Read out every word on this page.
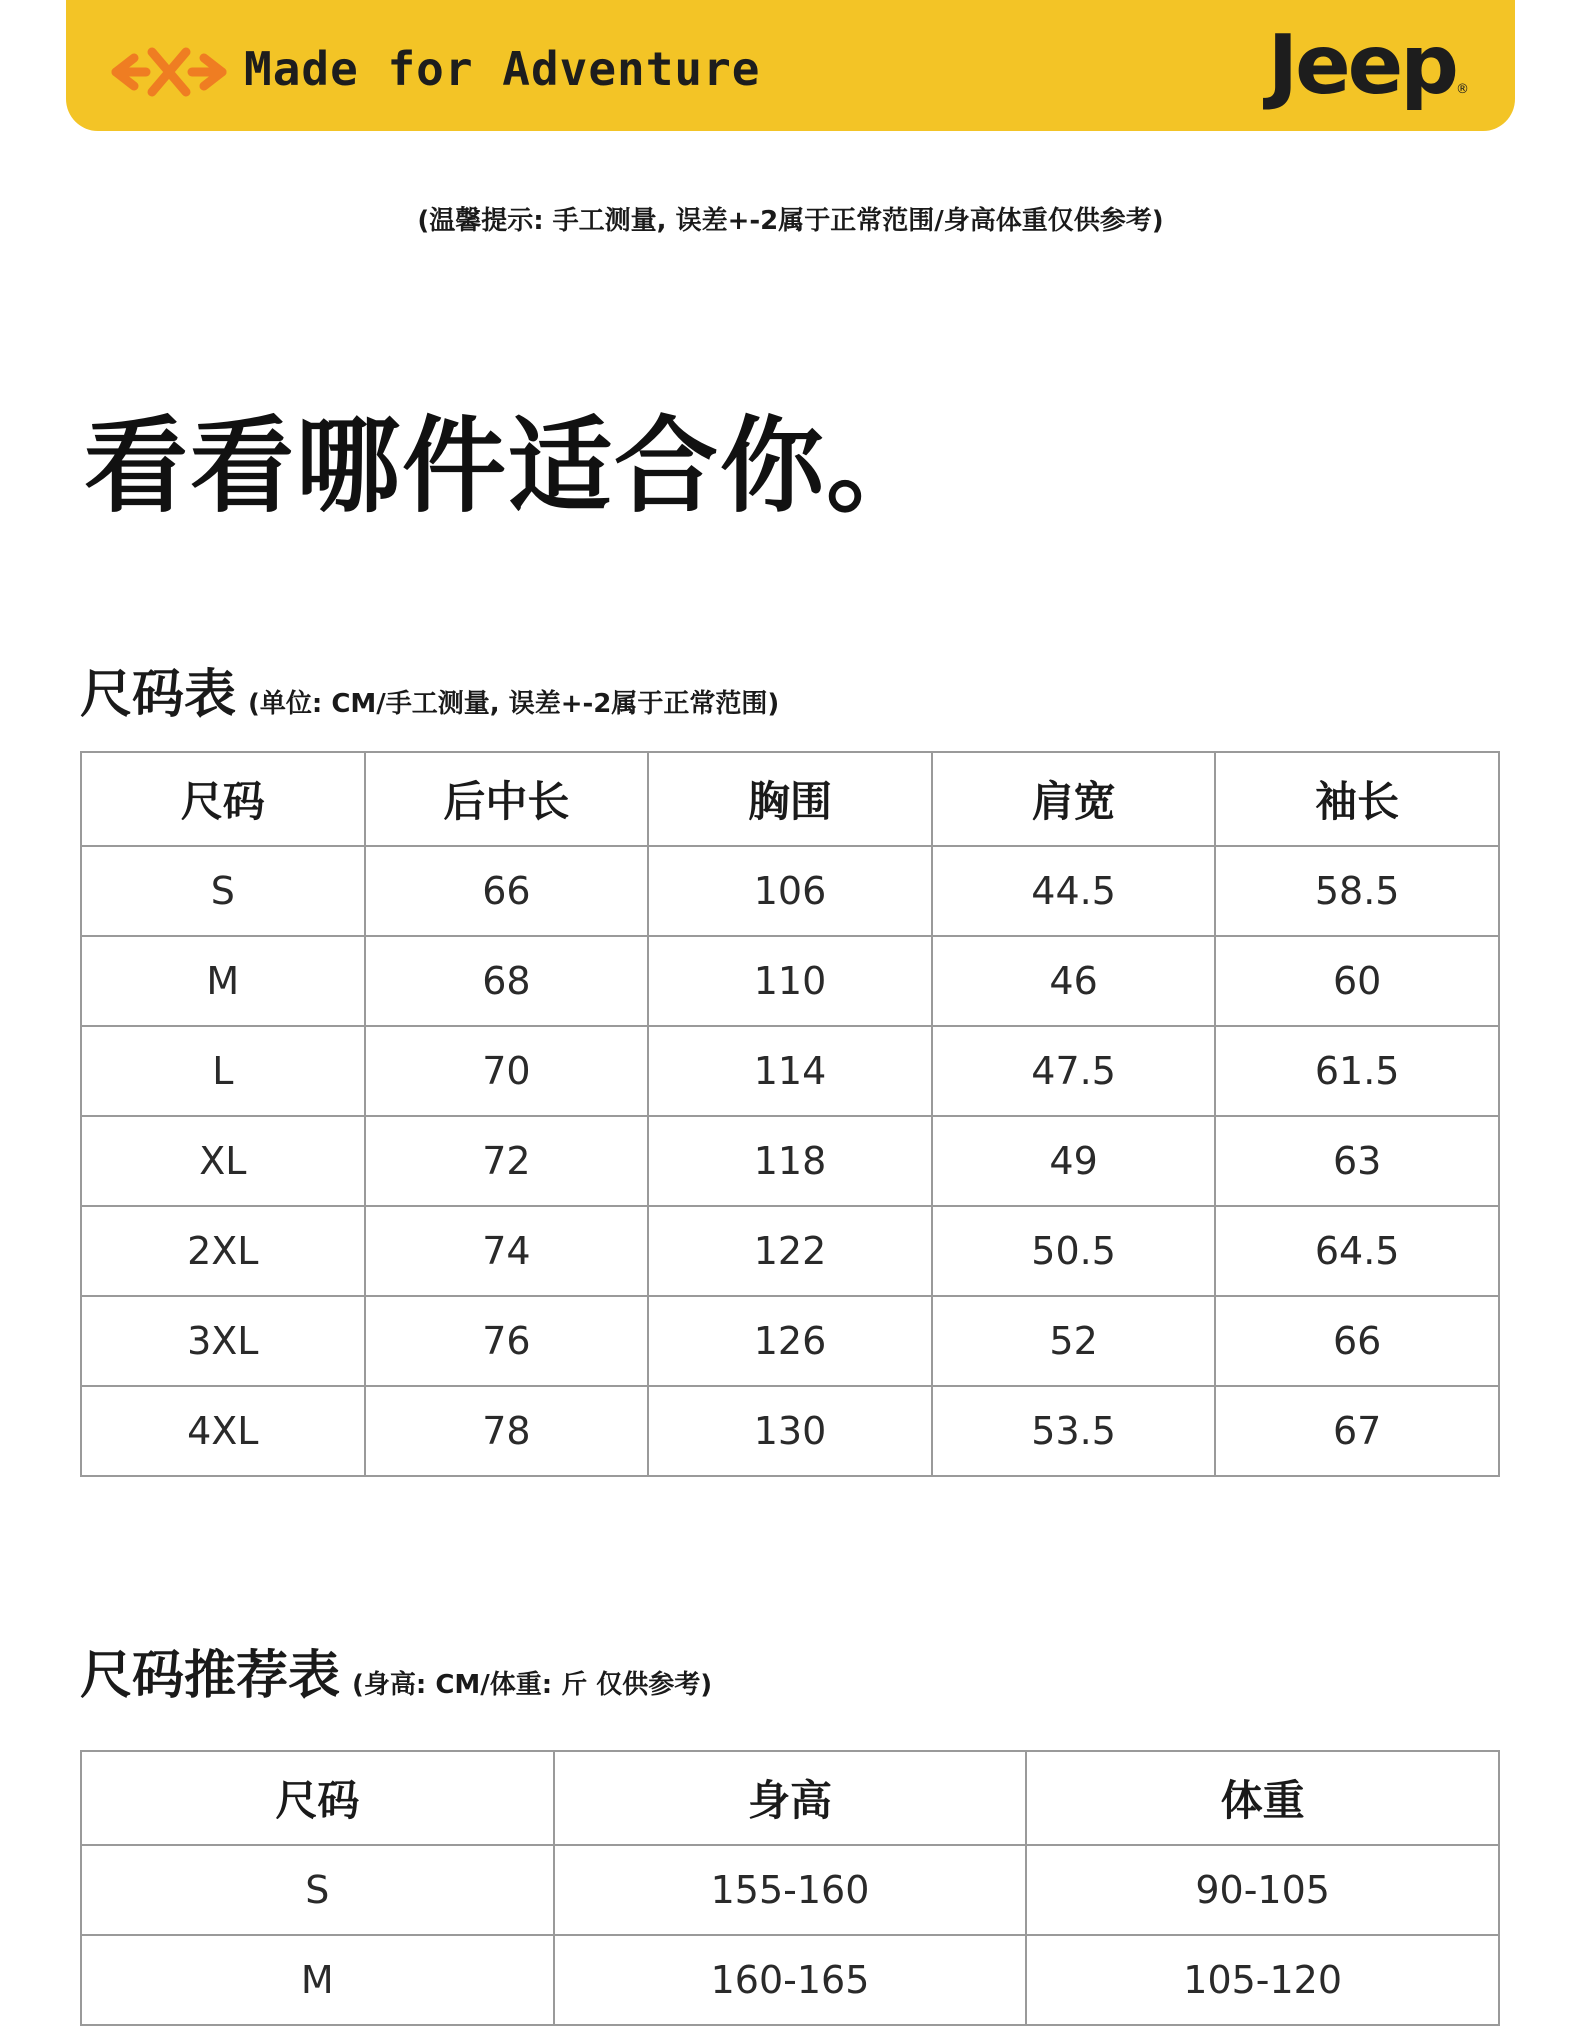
Made for Adventure	Jeep®
(温馨提示: 手工测量, 误差+-2属于正常范围/身高体重仅供参考)
看看哪件适合你。
尺码表 (单位: CM/手工测量, 误差+-2属于正常范围)
尺码	后中长	胸围	肩宽	袖长
S	66	106	44.5	58.5
M	68	110	46	60
L	70	114	47.5	61.5
XL	72	118	49	63
2XL	74	122	50.5	64.5
3XL	76	126	52	66
4XL	78	130	53.5	67
尺码推荐表 (身高: CM/体重: 斤 仅供参考)
尺码	身高	体重
S	155-160	90-105
M	160-165	105-120
